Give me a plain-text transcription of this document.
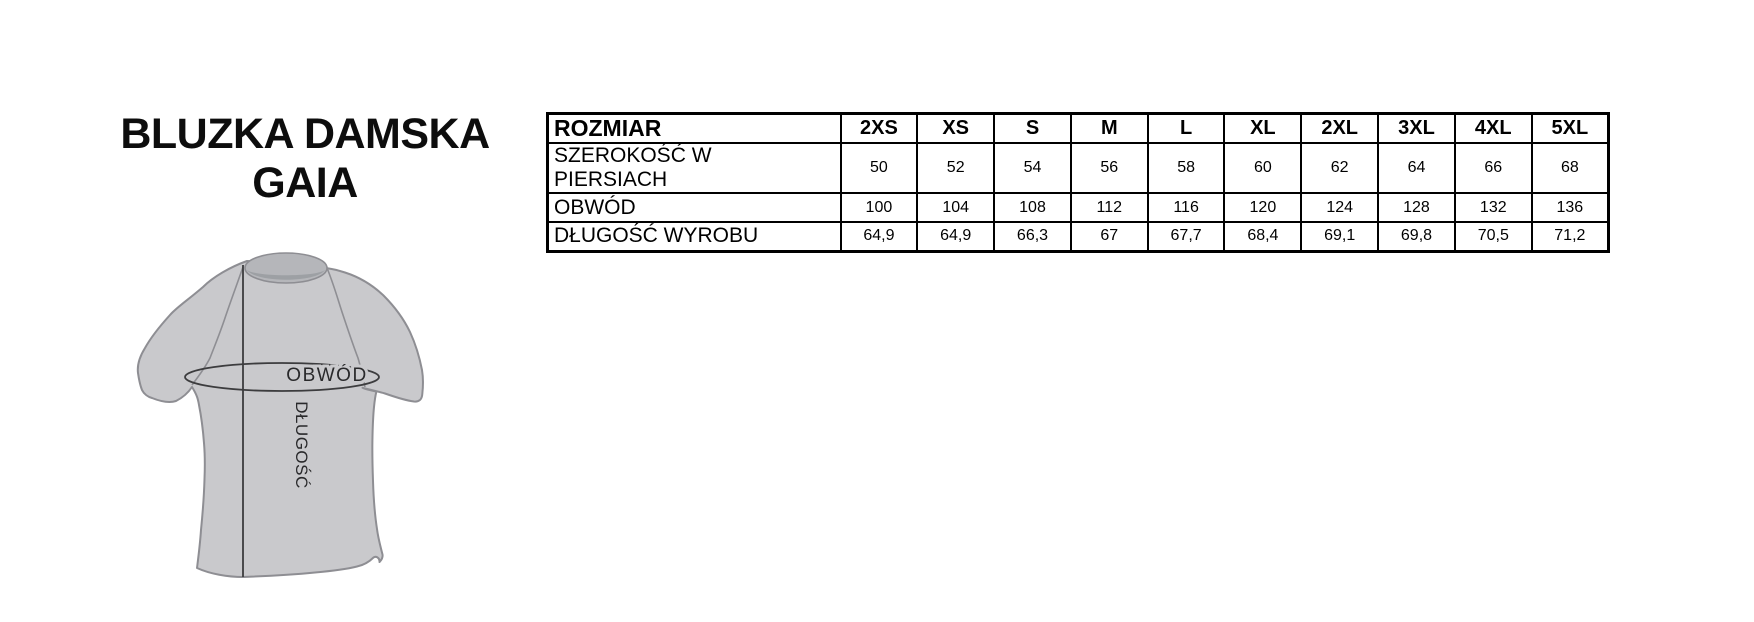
BLUZKA DAMSKA
GAIA
OBWÓD
DŁUGOŚĆ
ROZMIAR	2XS	XS	S	M	L	XL	2XL	3XL	4XL	5XL
SZEROKOŚĆ W PIERSIACH	50	52	54	56	58	60	62	64	66	68
OBWÓD	100	104	108	112	116	120	124	128	132	136
DŁUGOŚĆ WYROBU	64,9	64,9	66,3	67	67,7	68,4	69,1	69,8	70,5	71,2
